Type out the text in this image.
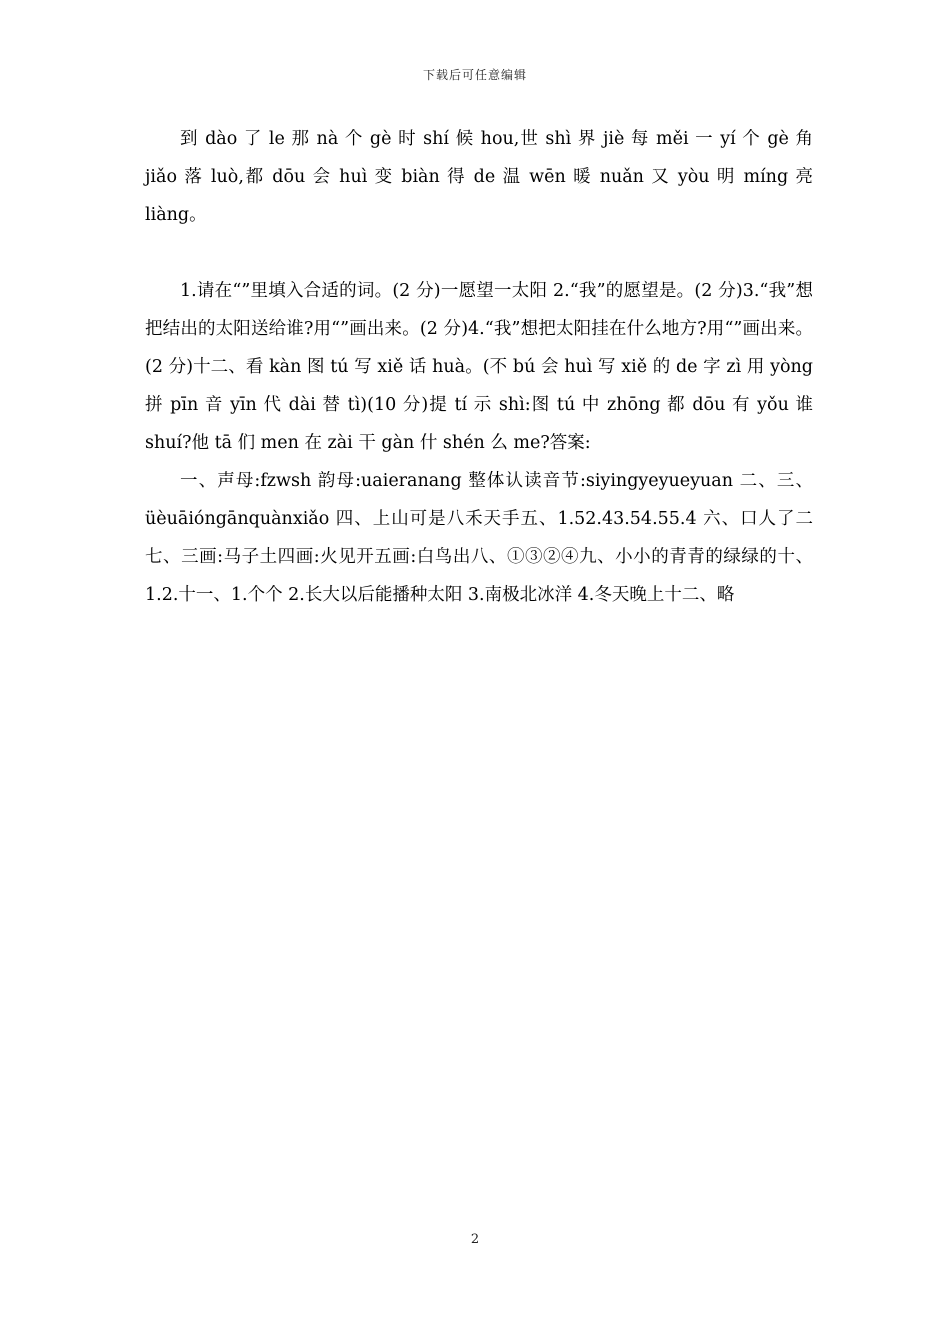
下载后可任意编辑

到 dào 了 le 那 nà 个 gè 时 shí 候 hou,世 shì 界 jiè 每 měi 一 yí 个 gè 角 jiǎo 落 luò,都 dōu 会 huì 变 biàn 得 de 温 wēn 暖 nuǎn 又 yòu 明 míng 亮 liàng。

1.请在“”里填入合适的词。(2 分)一愿望一太阳 2.“我”的愿望是。(2 分)3.“我”想把结出的太阳送给谁?用“”画出来。(2 分)4.“我”想把太阳挂在什么地方?用“”画出来。(2 分)十二、看 kàn 图 tú 写 xiě 话 huà。(不 bú 会 huì 写 xiě 的 de 字 zì 用 yòng 拼 pīn 音 yīn 代 dài 替 tì)(10 分)提 tí 示 shì:图 tú 中 zhōng 都 dōu 有 yǒu 谁 shuí?他 tā 们 men 在 zài 干 gàn 什 shén 么 me?答案:

一、声母:fzwsh 韵母:uaieranang 整体认读音节:siyingyeyueyuan 二、三、üèuāióngānquànxiǎo 四、上山可是八禾天手五、1.52.43.54.55.4 六、口人了二七、三画:马子土四画:火见开五画:白鸟出八、①③②④九、小小的青青的绿绿的十、1.2.十一、1.个个 2.长大以后能播种太阳 3.南极北冰洋 4.冬天晚上十二、略

2
